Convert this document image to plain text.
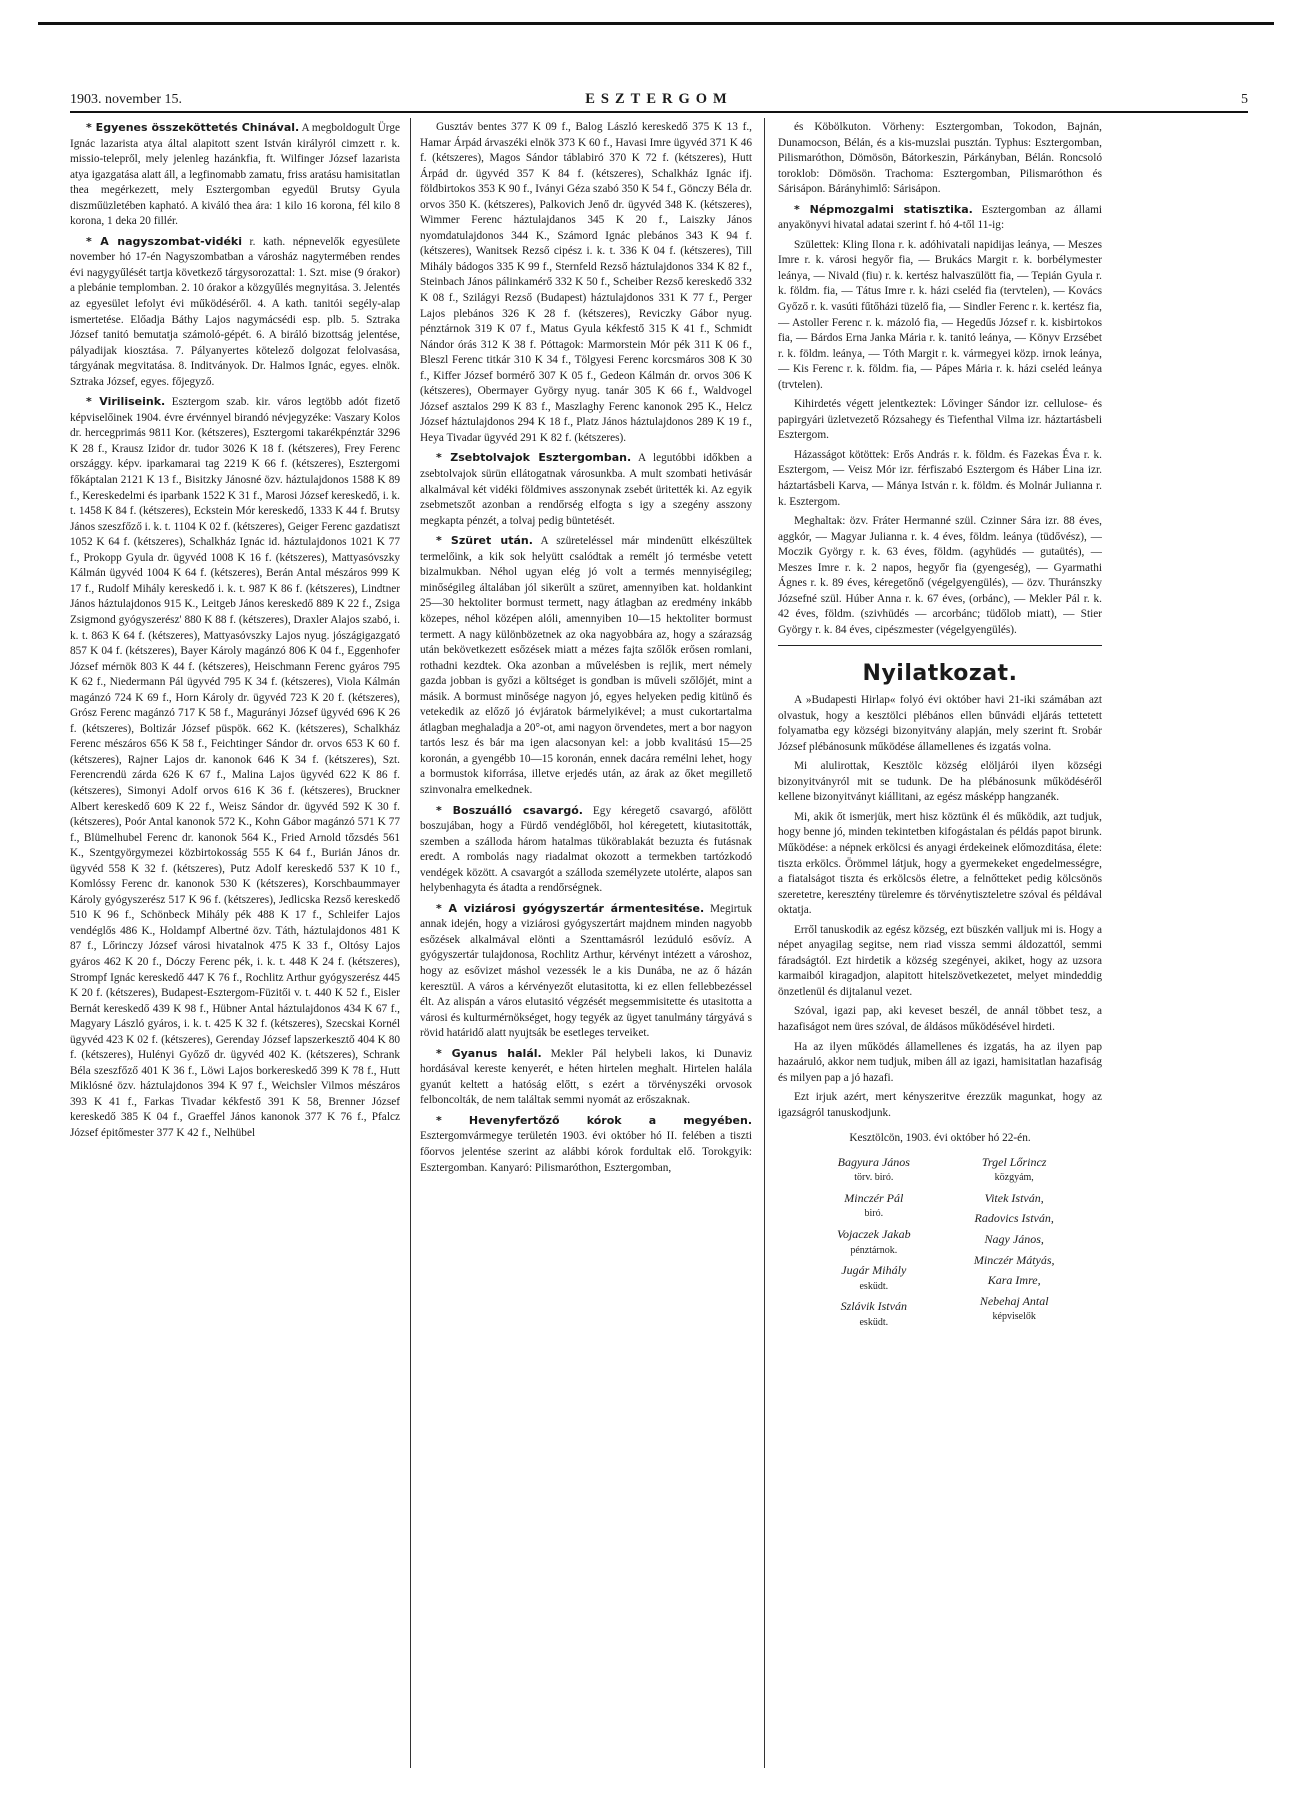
1903. november 15.	ESZTERGOM	5

* Egyenes összeköttetés Chinával. A megboldogult Ürge Ignác lazarista atya által alapitott szent István királyról cimzett r. k. missio-telepről, mely jelenleg hazánkfia, ft. Wilfinger József lazarista atya igazgatása alatt áll, a legfinomabb zamatu, friss aratásu hamisitatlan thea megérkezett, mely Esztergomban egyedül Brutsy Gyula diszműüzletében kapható. A kiváló thea ára: 1 kilo 16 korona, fél kilo 8 korona, 1 deka 20 fillér.

* A nagyszombat-vidéki r. kath. népnevelők egyesülete november hó 17-én Nagyszombatban a városház nagytermében rendes évi nagygyűlését tartja következő tárgysorozattal: 1. Szt. mise (9 órakor) a plebánie templomban. 2. 10 órakor a közgyűlés megnyitása. 3. Jelentés az egyesület lefolyt évi működéséről. 4. A kath. tanitói segély-alap ismertetése. Előadja Báthy Lajos nagymácsédi esp. plb. 5. Sztraka József tanitó bemutatja számoló-gépét. 6. A biráló bizottság jelentése, pályadijak kiosztása. 7. Pályanyertes kötelező dolgozat felolvasása, tárgyának megvitatása. 8. Inditványok. Dr. Halmos Ignác, egyes. elnök. Sztraka József, egyes. főjegyző.

* Viriliseink. Esztergom szab. kir. város legtöbb adót fizető képviselőinek 1904. évre érvénnyel birandó névjegyzéke: Vaszary Kolos dr. hercegprimás 9811 Kor. (kétszeres), Esztergomi takarékpénztár 3296 K 28 f., Krausz Izidor dr. tudor 3026 K 18 f. (kétszeres), Frey Ferenc országgy. képv. iparkamarai tag 2219 K 66 f. (kétszeres), Esztergomi főkáptalan 2121 K 13 f., Bisitzky Jánosné özv. háztulajdonos 1588 K 89 f., Kereskedelmi és iparbank 1522 K 31 f., Marosi József kereskedő, i. k. t. 1458 K 84 f. (kétszeres), Eckstein Mór kereskedő, 1333 K 44 f. Brutsy János szeszfőző i. k. t. 1104 K 02 f. (kétszeres), Geiger Ferenc gazdatiszt 1052 K 64 f. (kétszeres), Schalkház Ignác id. háztulajdonos 1021 K 77 f., Prokopp Gyula dr. ügyvéd 1008 K 16 f. (kétszeres), Mattyasóvszky Kálmán ügyvéd 1004 K 64 f. (kétszeres), Berán Antal mészáros 999 K 17 f., Rudolf Mihály kereskedő i. k. t. 987 K 86 f. (kétszeres), Lindtner János háztulajdonos 915 K., Leitgeb János kereskedő 889 K 22 f., Zsiga Zsigmond gyógyszerész' 880 K 88 f. (kétszeres), Draxler Alajos szabó, i. k. t. 863 K 64 f. (kétszeres), Mattyasóvszky Lajos nyug. jószágigazgató 857 K 04 f. (kétszeres), Bayer Károly magánzó 806 K 04 f., Eggenhofer József mérnök 803 K 44 f. (kétszeres), Heischmann Ferenc gyáros 795 K 62 f., Niedermann Pál ügyvéd 795 K 34 f. (kétszeres), Viola Kálmán magánzó 724 K 69 f., Horn Károly dr. ügyvéd 723 K 20 f. (kétszeres), Grósz Ferenc magánzó 717 K 58 f., Magurányi József ügyvéd 696 K 26 f. (kétszeres), Boltizár József püspök. 662 K. (kétszeres), Schalkház Ferenc mészáros 656 K 58 f., Feichtinger Sándor dr. orvos 653 K 60 f. (kétszeres), Rajner Lajos dr. kanonok 646 K 34 f. (kétszeres), Szt. Ferencrendü zárda 626 K 67 f., Malina Lajos ügyvéd 622 K 86 f. (kétszeres), Simonyi Adolf orvos 616 K 36 f. (kétszeres), Bruckner Albert kereskedő 609 K 22 f., Weisz Sándor dr. ügyvéd 592 K 30 f. (kétszeres), Poór Antal kanonok 572 K., Kohn Gábor magánzó 571 K 77 f., Blümelhubel Ferenc dr. kanonok 564 K., Fried Arnold tőzsdés 561 K., Szentgyörgymezei közbirtokosság 555 K 64 f., Burián János dr. ügyvéd 558 K 32 f. (kétszeres), Putz Adolf kereskedő 537 K 10 f., Komlóssy Ferenc dr. kanonok 530 K (kétszeres), Korschbaummayer Károly gyógyszerész 517 K 96 f. (kétszeres), Jedlicska Rezső kereskedő 510 K 96 f., Schönbeck Mihály pék 488 K 17 f., Schleifer Lajos vendéglős 486 K., Holdampf Albertné özv. Táth, háztulajdonos 481 K 87 f., Lőrinczy József városi hivatalnok 475 K 33 f., Oltósy Lajos gyáros 462 K 20 f., Dóczy Ferenc pék, i. k. t. 448 K 24 f. (kétszeres), Strompf Ignác kereskedő 447 K 76 f., Rochlitz Arthur gyógyszerész 445 K 20 f. (kétszeres), Budapest-Esztergom-Füzitői v. t. 440 K 52 f., Eisler Bernát kereskedő 439 K 98 f., Hübner Antal háztulajdonos 434 K 67 f., Magyary László gyáros, i. k. t. 425 K 32 f. (kétszeres), Szecskai Kornél ügyvéd 423 K 02 f. (kétszeres), Gerenday József lapszerkesztő 404 K 80 f. (kétszeres), Hulényi Győző dr. ügyvéd 402 K. (kétszeres), Schrank Béla szeszfőző 401 K 36 f., Löwi Lajos borkereskedő 399 K 78 f., Hutt Miklósné özv. háztulajdonos 394 K 97 f., Weichsler Vilmos mészáros 393 K 41 f., Farkas Tivadar kékfestő 391 K 58, Brenner József kereskedő 385 K 04 f., Graeffel János kanonok 377 K 76 f., Pfalcz József épitőmester 377 K 42 f., Nelhübel

Gusztáv bentes 377 K 09 f., Balog László kereskedő 375 K 13 f., Hamar Árpád árvaszéki elnök 373 K 60 f., Havasi Imre ügyvéd 371 K 46 f. (kétszeres), Magos Sándor táblabiró 370 K 72 f. (kétszeres), Hutt Árpád dr. ügyvéd 357 K 84 f. (kétszeres), Schalkház Ignác ifj. földbirtokos 353 K 90 f., Iványi Géza szabó 350 K 54 f., Gönczy Béla dr. orvos 350 K. (kétszeres), Palkovich Jenő dr. ügyvéd 348 K. (kétszeres), Wimmer Ferenc háztulajdanos 345 K 20 f., Laiszky János nyomdatulajdonos 344 K., Számord Ignác plebános 343 K 94 f. (kétszeres), Wanitsek Rezső cipész i. k. t. 336 K 04 f. (kétszeres), Till Mihály bádogos 335 K 99 f., Sternfeld Rezső háztulajdonos 334 K 82 f., Steinbach János pálinkamérő 332 K 50 f., Scheiber Rezső kereskedő 332 K 08 f., Szilágyi Rezső (Budapest) háztulajdonos 331 K 77 f., Perger Lajos plebános 326 K 28 f. (kétszeres), Reviczky Gábor nyug. pénztárnok 319 K 07 f., Matus Gyula kékfestő 315 K 41 f., Schmidt Nándor órás 312 K 38 f. Póttagok: Marmorstein Mór pék 311 K 06 f., Bleszl Ferenc titkár 310 K 34 f., Tölgyesi Ferenc korcsmáros 308 K 30 f., Kiffer József bormérő 307 K 05 f., Gedeon Kálmán dr. orvos 306 K (kétszeres), Obermayer György nyug. tanár 305 K 66 f., Waldvogel József asztalos 299 K 83 f., Maszlaghy Ferenc kanonok 295 K., Helcz József háztulajdonos 294 K 18 f., Platz János háztulajdonos 289 K 19 f., Heya Tivadar ügyvéd 291 K 82 f. (kétszeres).

* Zsebtolvajok Esztergomban. A legutóbbi időkben a zsebtolvajok sürün ellátogatnak városunkba. A mult szombati hetivásár alkalmával két vidéki földmives asszonynak zsebét üritették ki. Az egyik zsebmetszőt azonban a rendőrség elfogta s igy a szegény asszony megkapta pénzét, a tolvaj pedig büntetését.

* Szüret után. A szüreteléssel már mindenütt elkészültek termelőink, a kik sok helyütt csalódtak a remélt jó termésbe vetett bizalmukban. Néhol ugyan elég jó volt a termés mennyiségileg; minőségileg általában jól sikerült a szüret, amennyiben kat. holdankint 25—30 hektoliter bormust termett, nagy átlagban az eredmény inkább közepes, néhol középen alóli, amennyiben 10—15 hektoliter bormust termett. A nagy különbözetnek az oka nagyobbára az, hogy a szárazság után bekövetkezett esőzések miatt a mézes fajta szőlők erősen romlani, rothadni kezdtek. Oka azonban a művelésben is rejlik, mert némely gazda jobban is győzi a költséget is gondban is műveli szőlőjét, mint a másik. A bormust minősége nagyon jó, egyes helyeken pedig kitünő és vetekedik az előző jó évjáratok bármelyikével; a must cukortartalma átlagban meghaladja a 20°-ot, ami nagyon örvendetes, mert a bor nagyon tartós lesz és bár ma igen alacsonyan kel: a jobb kvalitású 15—25 koronán, a gyengébb 10—15 koronán, ennek dacára remélni lehet, hogy a bormustok kiforrása, illetve erjedés után, az árak az őket megillető szinvonalra emelkednek.

* Boszuálló csavargó. Egy kéregető csavargó, afölött boszujában, hogy a Fürdő vendéglőből, hol kéregetett, kiutasitották, szemben a szálloda három hatalmas tükörablakát bezuzta és futásnak eredt. A rombolás nagy riadalmat okozott a termekben tartózkodó vendégek között. A csavargót a szálloda személyzete utolérte, alapos san helybenhagyta és átadta a rendőrségnek.

* A viziárosi gyógyszertár ármentesitése. Megirtuk annak idején, hogy a viziárosi gyógyszertárt majdnem minden nagyobb esőzések alkalmával elönti a Szenttamásról lezúduló esővíz. A gyógyszertár tulajdonosa, Rochlitz Arthur, kérvényt intézett a városhoz, hogy az esővizet máshol vezessék le a kis Dunába, ne az ő házán keresztül. A város a kérvényezőt elutasitotta, ki ez ellen fellebbezéssel élt. Az alispán a város elutasitó végzését megsemmisitette és utasitotta a városi és kulturmérnökséget, hogy tegyék az ügyet tanulmány tárgyává s rövid határidő alatt nyujtsák be esetleges terveiket.

* Gyanus halál. Mekler Pál helybeli lakos, ki Dunaviz hordásával kereste kenyerét, e héten hirtelen meghalt. Hirtelen halála gyanút keltett a hatóság előtt, s ezért a törvényszéki orvosok felboncolták, de nem találtak semmi nyomát az erőszaknak.

* Hevenyfertőző kórok a megyében. Esztergomvármegye területén 1903. évi október hó II. felében a tiszti főorvos jelentése szerint az alábbi kórok fordultak elő. Torokgyik: Esztergomban. Kanyaró: Pilismaróthon, Esztergomban,

és Köbölkuton. Vörheny: Esztergomban, Tokodon, Bajnán, Dunamocson, Bélán, és a kis-muzslai pusztán. Typhus: Esztergomban, Pilismaróthon, Dömösön, Bátorkeszin, Párkányban, Bélán. Roncsoló toroklob: Dömösön. Trachoma: Esztergomban, Pilismaróthon és Sárisápon. Bárányhimlő: Sárisápon.

* Népmozgalmi statisztika. Esztergomban az állami anyakönyvi hivatal adatai szerint f. hó 4-től 11-ig:

Születtek: Kling Ilona r. k. adóhivatali napidijas leánya, — Meszes Imre r. k. városi hegyőr fia, — Brukács Margit r. k. borbélymester leánya, — Nivald (fiu) r. k. kertész halvaszülött fia, — Tepián Gyula r. k. földm. fia, — Tátus Imre r. k. házi cseléd fia (tervtelen), — Kovács Győző r. k. vasúti fűtőházi tüzelő fia, — Sindler Ferenc r. k. kertész fia, — Astoller Ferenc r. k. mázoló fia, — Hegedűs József r. k. kisbirtokos fia, — Bárdos Erna Janka Mária r. k. tanitó leánya, — Könyv Erzsébet r. k. földm. leánya, — Tóth Margit r. k. vármegyei közp. irnok leánya, — Kis Ferenc r. k. földm. fia, — Pápes Mária r. k. házi cseléd leánya (trvtelen).

Kihirdetés végett jelentkeztek: Lővinger Sándor izr. cellulose- és papirgyári üzletvezető Rózsahegy és Tiefenthal Vilma izr. háztartásbeli Esztergom.

Házasságot kötöttek: Erős András r. k. földm. és Fazekas Éva r. k. Esztergom, — Veisz Mór izr. férfiszabó Esztergom és Háber Lina izr. háztartásbeli Karva, — Mánya István r. k. földm. és Molnár Julianna r. k. Esztergom.

Meghaltak: özv. Fráter Hermanné szül. Czinner Sára izr. 88 éves, aggkór, — Magyar Julianna r. k. 4 éves, földm. leánya (tüdővész), — Moczik György r. k. 63 éves, földm. (agyhüdés — gutaütés), — Meszes Imre r. k. 2 napos, hegyőr fia (gyengeség), — Gyarmathi Ágnes r. k. 89 éves, kéregetőnő (végelgyengülés), — özv. Thuránszky Józsefné szül. Húber Anna r. k. 67 éves, (orbánc), — Mekler Pál r. k. 42 éves, földm. (szivhüdés — arcorbánc; tüdőlob miatt), — Stier György r. k. 84 éves, cipészmester (végelgyengülés).

Nyilatkozat.

A »Budapesti Hirlap« folyó évi október havi 21-iki számában azt olvastuk, hogy a kesztölci plébános ellen bűnvádi eljárás tettetett folyamatba egy községi bizonyitvány alapján, mely szerint ft. Srobár József plébánosunk működése államellenes és izgatás volna.

Mi alulirottak, Kesztölc község elöljárói ilyen községi bizonyitványról mit se tudunk. De ha plébánosunk működéséről kellene bizonyitványt kiállitani, az egész másképp hangzanék.

Mi, akik őt ismerjük, mert hisz köztünk él és működik, azt tudjuk, hogy benne jó, minden tekintetben kifogástalan és példás papot birunk. Működése: a népnek erkölcsi és anyagi érdekeinek előmozditása, élete: tiszta erkölcs. Örömmel látjuk, hogy a gyermekeket engedelmességre, a fiatalságot tiszta és erkölcsös életre, a felnőtteket pedig kölcsönös szeretetre, keresztény türelemre és törvénytiszteletre szóval és példával oktatja.

Erről tanuskodik az egész község, ezt büszkén valljuk mi is. Hogy a népet anyagilag segitse, nem riad vissza semmi áldozattól, semmi fáradságtól. Ezt hirdetik a község szegényei, akiket, hogy az uzsora karmaiból kiragadjon, alapitott hitelszövetkezetet, melyet mindeddig önzetlenül és dijtalanul vezet.

Szóval, igazi pap, aki keveset beszél, de annál többet tesz, a hazafiságot nem üres szóval, de áldásos működésével hirdeti.

Ha az ilyen működés államellenes és izgatás, ha az ilyen pap hazaáruló, akkor nem tudjuk, miben áll az igazi, hamisitatlan hazafiság és milyen pap a jó hazafi.

Ezt irjuk azért, mert kényszeritve érezzük magunkat, hogy az igazságról tanuskodjunk.

Kesztölcön, 1903. évi október hó 22-én.
Bagyura János
törv. biró.
Minczér Pál
biró.
Vojaczek Jakab
pénztárnok.
Jugár Mihály
esküdt.
Szlávik István
esküdt.
Trgel Lőrincz
közgyám,
Vitek István,
Radovics István,
Nagy János,
Minczér Mátyás,
Kara Imre,
Nebehaj Antal
képviselők
